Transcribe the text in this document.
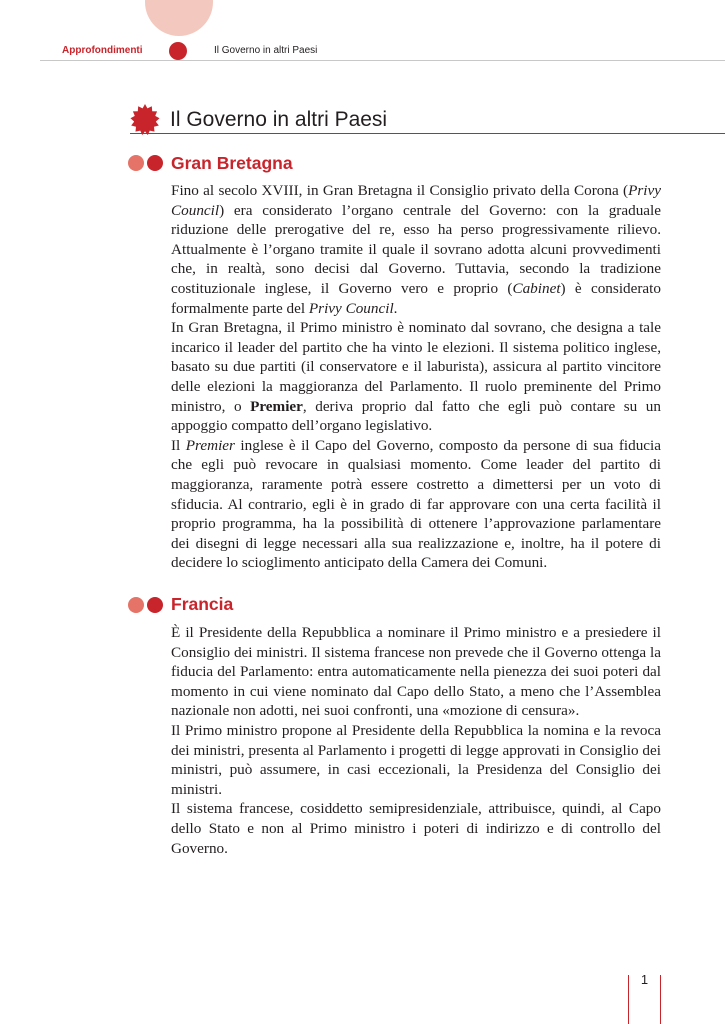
Approfondimenti	Il Governo in altri Paesi
Il Governo in altri Paesi
Gran Bretagna

Fino al secolo XVIII, in Gran Bretagna il Consiglio privato della Corona (Privy Council) era considerato l’organo centrale del Governo: con la graduale riduzione delle prerogative del re, esso ha perso progressivamente rilievo. Attualmente è l’organo tramite il quale il sovrano adotta alcuni provvedimenti che, in realtà, sono decisi dal Governo. Tuttavia, secondo la tradizione costituzionale inglese, il Governo vero e proprio (Cabinet) è considerato formalmente parte del Privy Council.

In Gran Bretagna, il Primo ministro è nominato dal sovrano, che designa a tale incarico il leader del partito che ha vinto le elezioni. Il sistema politico inglese, basato su due partiti (il conservatore e il laburista), assicura al partito vincitore delle elezioni la maggioranza del Parlamento. Il ruolo preminente del Primo ministro, o Premier, deriva proprio dal fatto che egli può contare su un appoggio compatto dell’organo legislativo.

Il Premier inglese è il Capo del Governo, composto da persone di sua fiducia che egli può revocare in qualsiasi momento. Come leader del partito di maggioranza, raramente potrà essere costretto a dimettersi per un voto di sfiducia. Al contrario, egli è in grado di far approvare con una certa facilità il proprio programma, ha la possibilità di ottenere l’approvazione parlamentare dei disegni di legge necessari alla sua realizzazione e, inoltre, ha il potere di decidere lo scioglimento anticipato della Camera dei Comuni.

Francia

È il Presidente della Repubblica a nominare il Primo ministro e a presiedere il Consiglio dei ministri. Il sistema francese non prevede che il Governo ottenga la fiducia del Parlamento: entra automaticamente nella pienezza dei suoi poteri dal momento in cui viene nominato dal Capo dello Stato, a meno che l’Assemblea nazionale non adotti, nei suoi confronti, una «mozione di censura».

Il Primo ministro propone al Presidente della Repubblica la nomina e la revoca dei ministri, presenta al Parlamento i progetti di legge approvati in Consiglio dei ministri, può assumere, in casi eccezionali, la Presidenza del Consiglio dei ministri.

Il sistema francese, cosiddetto semipresidenziale, attribuisce, quindi, al Capo dello Stato e non al Primo ministro i poteri di indirizzo e di controllo del Governo.

1
